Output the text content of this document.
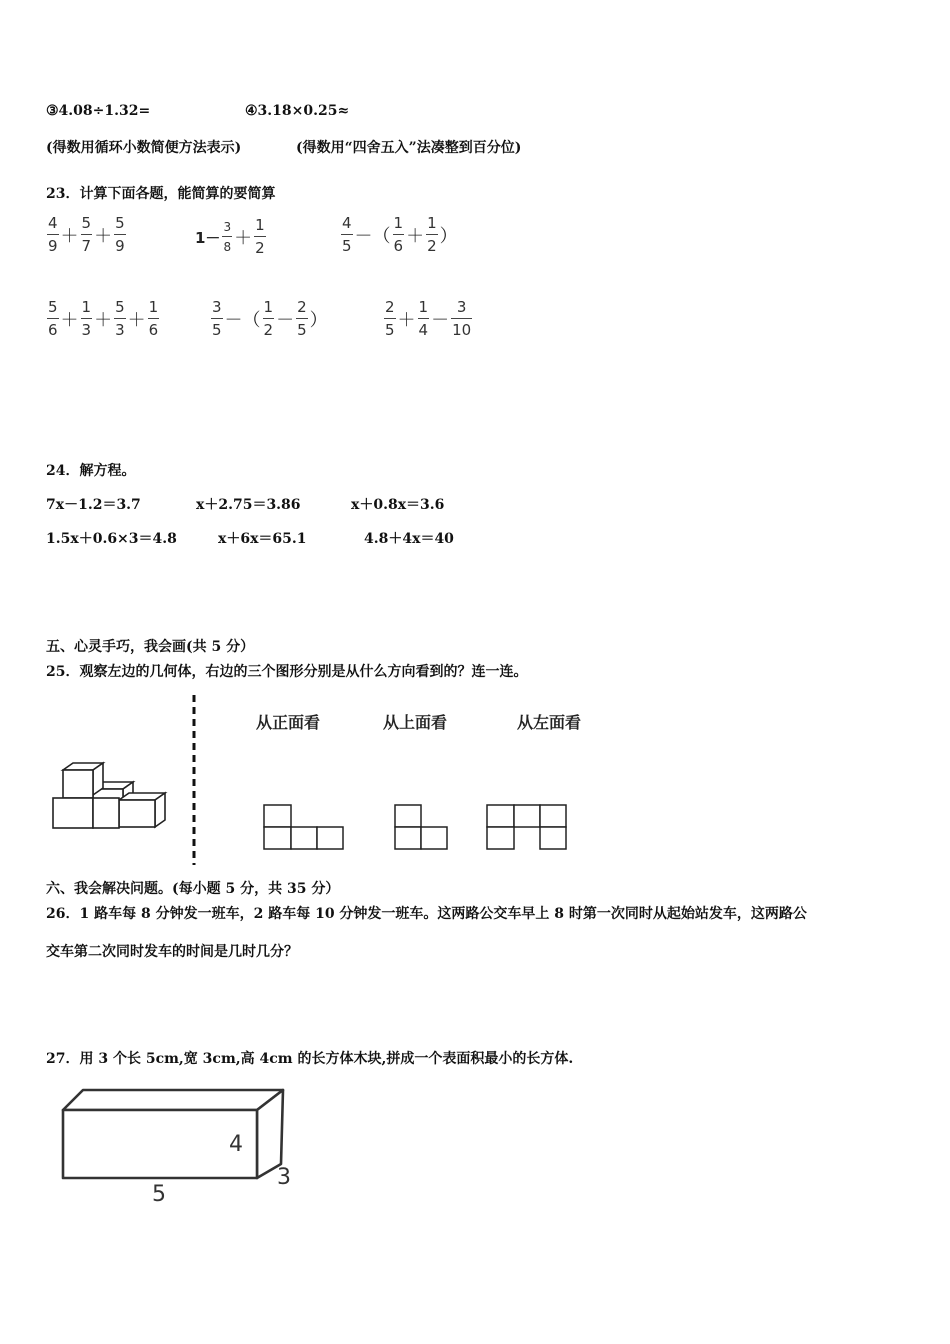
③4.08÷1.32=	④3.18×0.25≈
(得数用循环小数简便方法表示)	(得数用“四舍五入”法凑整到百分位)
23．计算下面各题，能简算的要简算
$\frac{4}{9} + \frac{5}{7} + \frac{5}{9}$	$1- \frac{3}{8} + \frac{1}{2}$	$\frac{4}{5}$ －（ $\frac{1}{6} + \frac{1}{2}$ ）
$\frac{5}{6} + \frac{1}{3} + \frac{5}{3} + \frac{1}{6}$	$\frac{3}{5}$ －（ $\frac{1}{2} - \frac{2}{5}$ ）	$\frac{2}{5} + \frac{1}{4} - \frac{3}{10}$
24．解方程。
7x－1.2＝3.7	x＋2.75＝3.86	x＋0.8x＝3.6
1.5x＋0.6×3＝4.8	x＋6x＝65.1	4.8＋4x＝40
五、心灵手巧，我会画(共 5 分）
25．观察左边的几何体，右边的三个图形分别是从什么方向看到的？连一连。
从正面看	从上面看	从左面看
六、我会解决问题。(每小题 5 分，共 35 分）
26．1 路车每 8 分钟发一班车，2 路车每 10 分钟发一班车。这两路公交车早上 8 时第一次同时从起始站发车，这两路公
交车第二次同时发车的时间是几时几分？
27．用 3 个长 5cm,宽 3cm,高 4cm 的长方体木块,拼成一个表面积最小的长方体.
4
3
5
